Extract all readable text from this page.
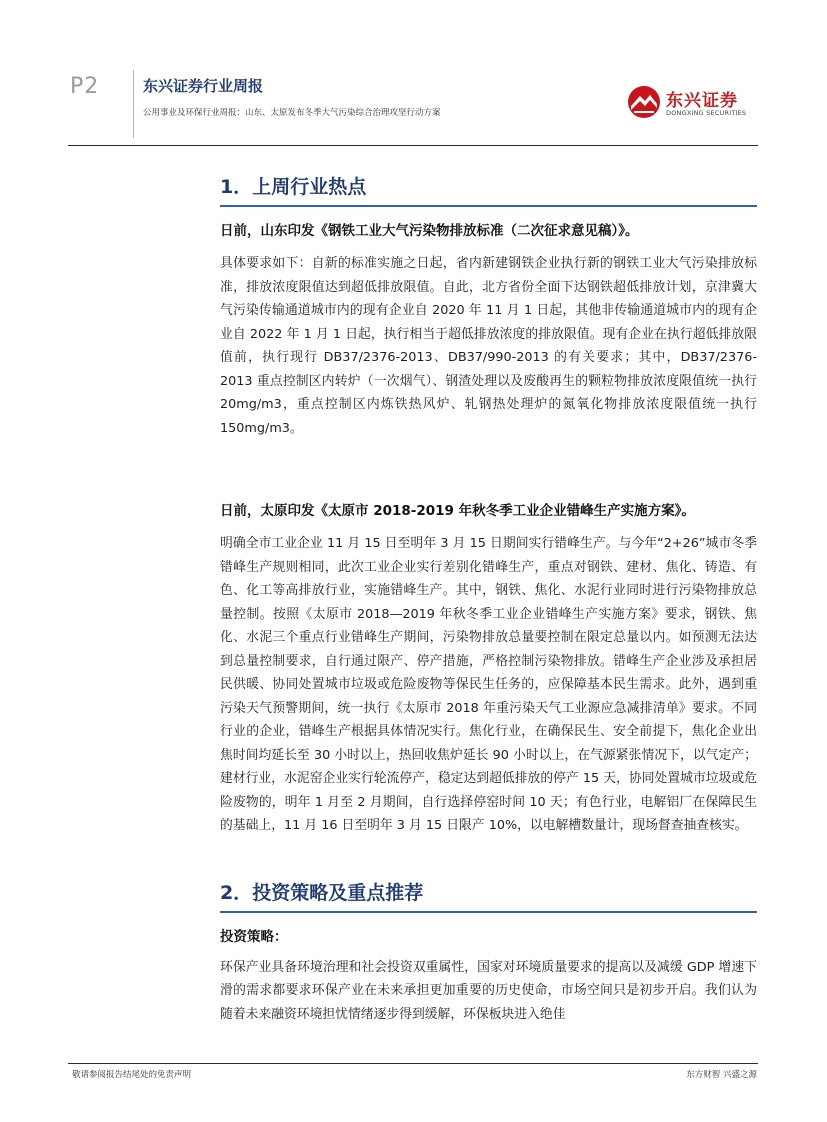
P2	东兴证券行业周报
公用事业及环保行业周报：山东、太原发布冬季大气污染综合治理攻坚行动方案
东兴证券
DONGXING SECURITIES
1．上周行业热点

日前，山东印发《钢铁工业大气污染物排放标准（二次征求意见稿）》。

具体要求如下：自新的标准实施之日起，省内新建钢铁企业执行新的钢铁工业大气污染排放标准，排放浓度限值达到超低排放限值。自此，北方省份全面下达钢铁超低排放计划，京津冀大气污染传输通道城市内的现有企业自 2020 年 11 月 1 日起，其他非传输通道城市内的现有企业自 2022 年 1 月 1 日起，执行相当于超低排放浓度的排放限值。现有企业在执行超低排放限值前，执行现行 DB37/2376-2013、DB37/990-2013 的有关要求；其中，DB37/2376-2013 重点控制区内转炉（一次烟气）、钢渣处理以及废酸再生的颗粒物排放浓度限值统一执行 20mg/m3，重点控制区内炼铁热风炉、轧钢热处理炉的氮氧化物排放浓度限值统一执行 150mg/m3。

日前，太原印发《太原市 2018-2019 年秋冬季工业企业错峰生产实施方案》。

明确全市工业企业 11 月 15 日至明年 3 月 15 日期间实行错峰生产。与今年“2+26”城市冬季错峰生产规则相同，此次工业企业实行差别化错峰生产，重点对钢铁、建材、焦化、铸造、有色、化工等高排放行业，实施错峰生产。其中，钢铁、焦化、水泥行业同时进行污染物排放总量控制。按照《太原市 2018—2019 年秋冬季工业企业错峰生产实施方案》要求，钢铁、焦化、水泥三个重点行业错峰生产期间，污染物排放总量要控制在限定总量以内。如预测无法达到总量控制要求，自行通过限产、停产措施，严格控制污染物排放。错峰生产企业涉及承担居民供暖、协同处置城市垃圾或危险废物等保民生任务的，应保障基本民生需求。此外，遇到重污染天气预警期间，统一执行《太原市 2018 年重污染天气工业源应急减排清单》要求。不同行业的企业，错峰生产根据具体情况实行。焦化行业，在确保民生、安全前提下，焦化企业出焦时间均延长至 30 小时以上，热回收焦炉延长 90 小时以上，在气源紧张情况下，以气定产；建材行业，水泥窑企业实行轮流停产，稳定达到超低排放的停产 15 天，协同处置城市垃圾或危险废物的，明年 1 月至 2 月期间，自行选择停窑时间 10 天；有色行业，电解铝厂在保障民生的基础上，11 月 16 日至明年 3 月 15 日限产 10%，以电解槽数量计，现场督查抽查核实。

2．投资策略及重点推荐

投资策略：

环保产业具备环境治理和社会投资双重属性，国家对环境质量要求的提高以及减缓 GDP 增速下滑的需求都要求环保产业在未来承担更加重要的历史使命，市场空间只是初步开启。我们认为随着未来融资环境担忧情绪逐步得到缓解，环保板块进入绝佳

敬请参阅报告结尾处的免责声明	东方财智 兴盛之源
